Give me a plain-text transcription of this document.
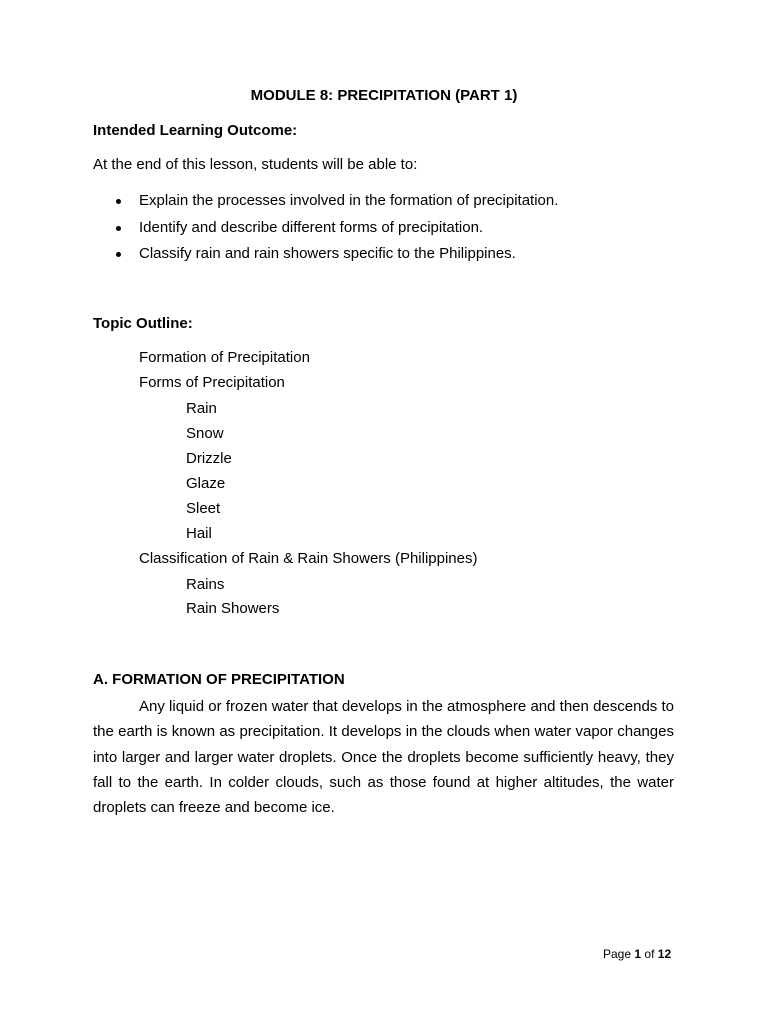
MODULE 8: PRECIPITATION (PART 1)
Intended Learning Outcome:
At the end of this lesson, students will be able to:
Explain the processes involved in the formation of precipitation.
Identify and describe different forms of precipitation.
Classify rain and rain showers specific to the Philippines.
Topic Outline:
Formation of Precipitation
Forms of Precipitation
Rain
Snow
Drizzle
Glaze
Sleet
Hail
Classification of Rain & Rain Showers (Philippines)
Rains
Rain Showers
A. FORMATION OF PRECIPITATION

Any liquid or frozen water that develops in the atmosphere and then descends to the earth is known as precipitation. It develops in the clouds when water vapor changes into larger and larger water droplets. Once the droplets become sufficiently heavy, they fall to the earth. In colder clouds, such as those found at higher altitudes, the water droplets can freeze and become ice.

Page 1 of 12
